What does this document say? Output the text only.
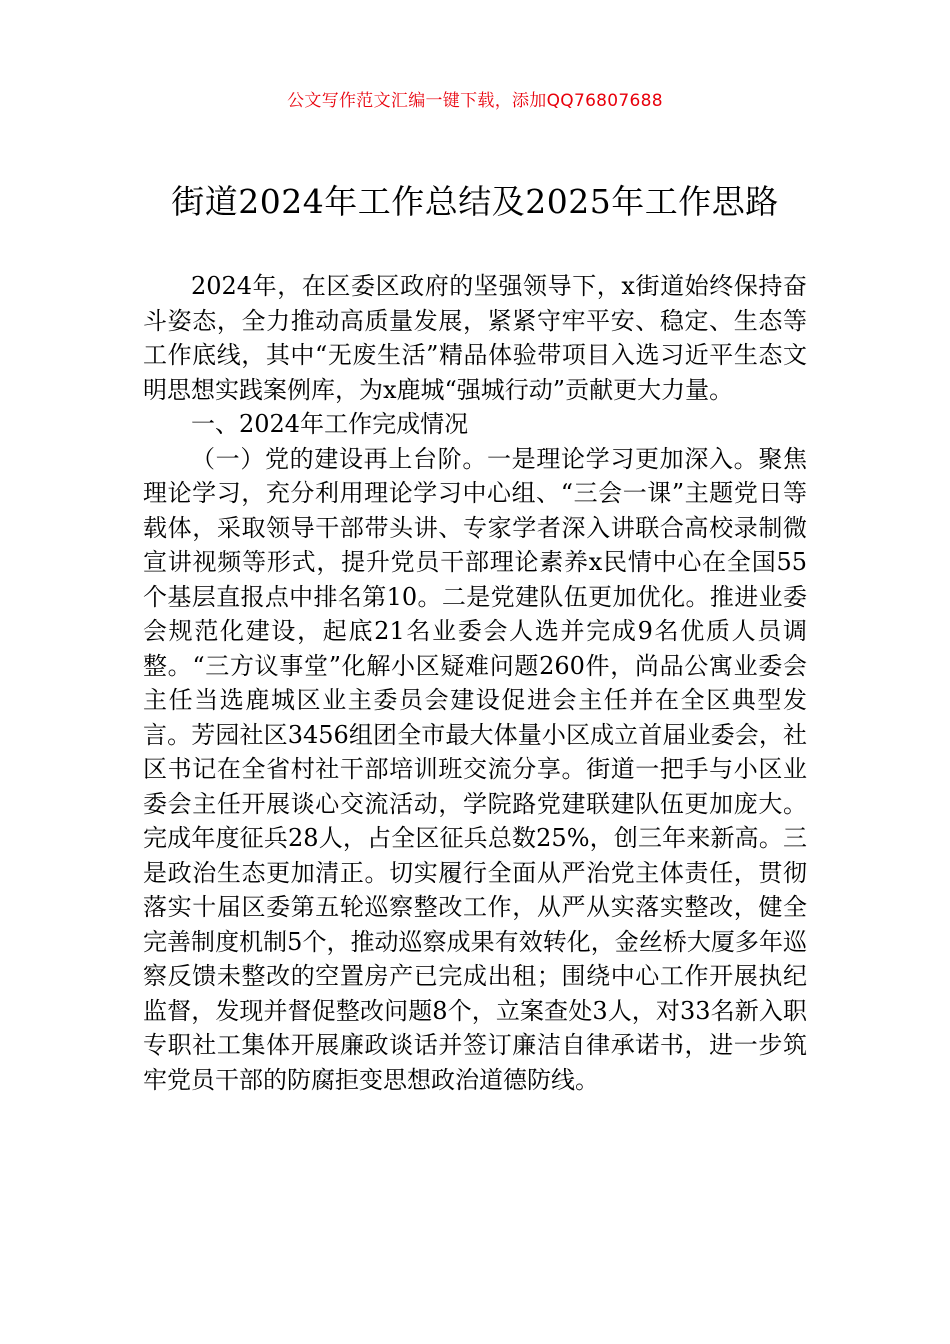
公文写作范文汇编一键下载，添加QQ76807688
街道2024年工作总结及2025年工作思路

2024年，在区委区政府的坚强领导下，x街道始终保持奋斗姿态，全力推动高质量发展，紧紧守牢平安、稳定、生态等工作底线，其中“无废生活”精品体验带项目入选习近平生态文明思想实践案例库，为x鹿城“强城行动”贡献更大力量。

一、2024年工作完成情况

（一）党的建设再上台阶。一是理论学习更加深入。聚焦理论学习，充分利用理论学习中心组、“三会一课”主题党日等载体，采取领导干部带头讲、专家学者深入讲联合高校录制微宣讲视频等形式，提升党员干部理论素养x民情中心在全国55个基层直报点中排名第10。二是党建队伍更加优化。推进业委会规范化建设，起底21名业委会人选并完成9名优质人员调整。“三方议事堂”化解小区疑难问题260件，尚品公寓业委会主任当选鹿城区业主委员会建设促进会主任并在全区典型发言。芳园社区3456组团全市最大体量小区成立首届业委会，社区书记在全省村社干部培训班交流分享。街道一把手与小区业委会主任开展谈心交流活动，学院路党建联建队伍更加庞大。完成年度征兵28人，占全区征兵总数25%，创三年来新高。三是政治生态更加清正。切实履行全面从严治党主体责任，贯彻落实十届区委第五轮巡察整改工作，从严从实落实整改，健全完善制度机制5个，推动巡察成果有效转化，金丝桥大厦多年巡察反馈未整改的空置房产已完成出租；围绕中心工作开展执纪监督，发现并督促整改问题8个，立案查处3人，对33名新入职专职社工集体开展廉政谈话并签订廉洁自律承诺书，进一步筑牢党员干部的防腐拒变思想政治道德防线。
